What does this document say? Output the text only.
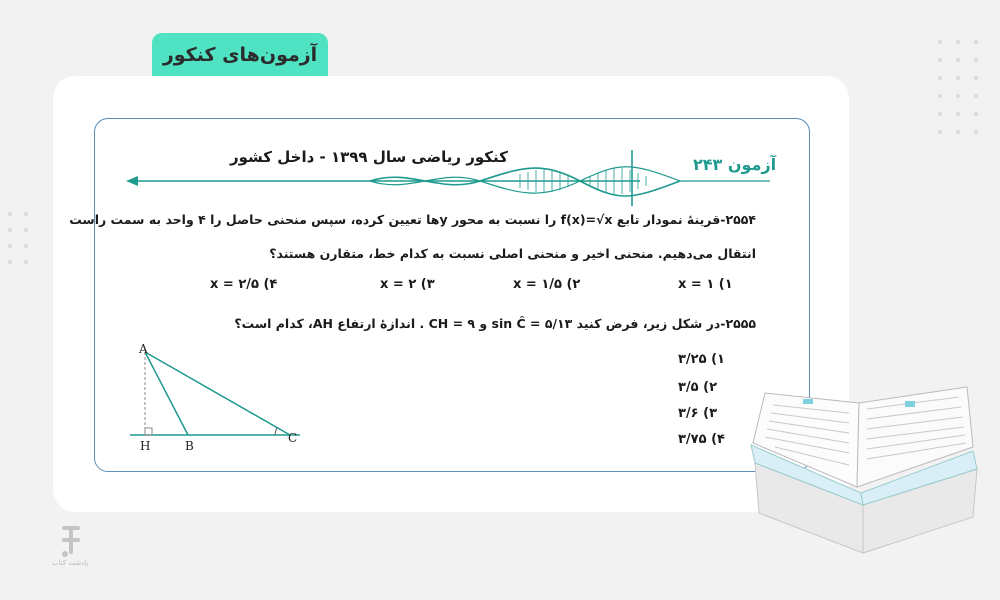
آزمون‌های کنکور
کنکور ریاضی سال ۱۳۹۹ - داخل کشور	آزمون ۲۴۳
۲۵۵۴-قرینهٔ نمودار تابع f(x)=√x را نسبت به محور yها تعیین کرده، سپس منحنی حاصل را ۴ واحد به سمت راست
انتقال می‌دهیم. منحنی اخیر و منحنی اصلی نسبت به کدام خط، متقارن هستند؟
x = ۱ (۱
x = ۱/۵ (۲
x = ۲ (۳
x = ۲/۵ (۴
۲۵۵۵-در شکل زیر، فرض کنید sin Ĉ = ۵/۱۳ و CH = ۹ . اندازهٔ ارتفاع AH، کدام است؟
۱) ۳/۲۵
۲) ۳/۵
۳) ۳/۶
۴) ۳/۷۵
A
H	B
C
پادشت کتاب
